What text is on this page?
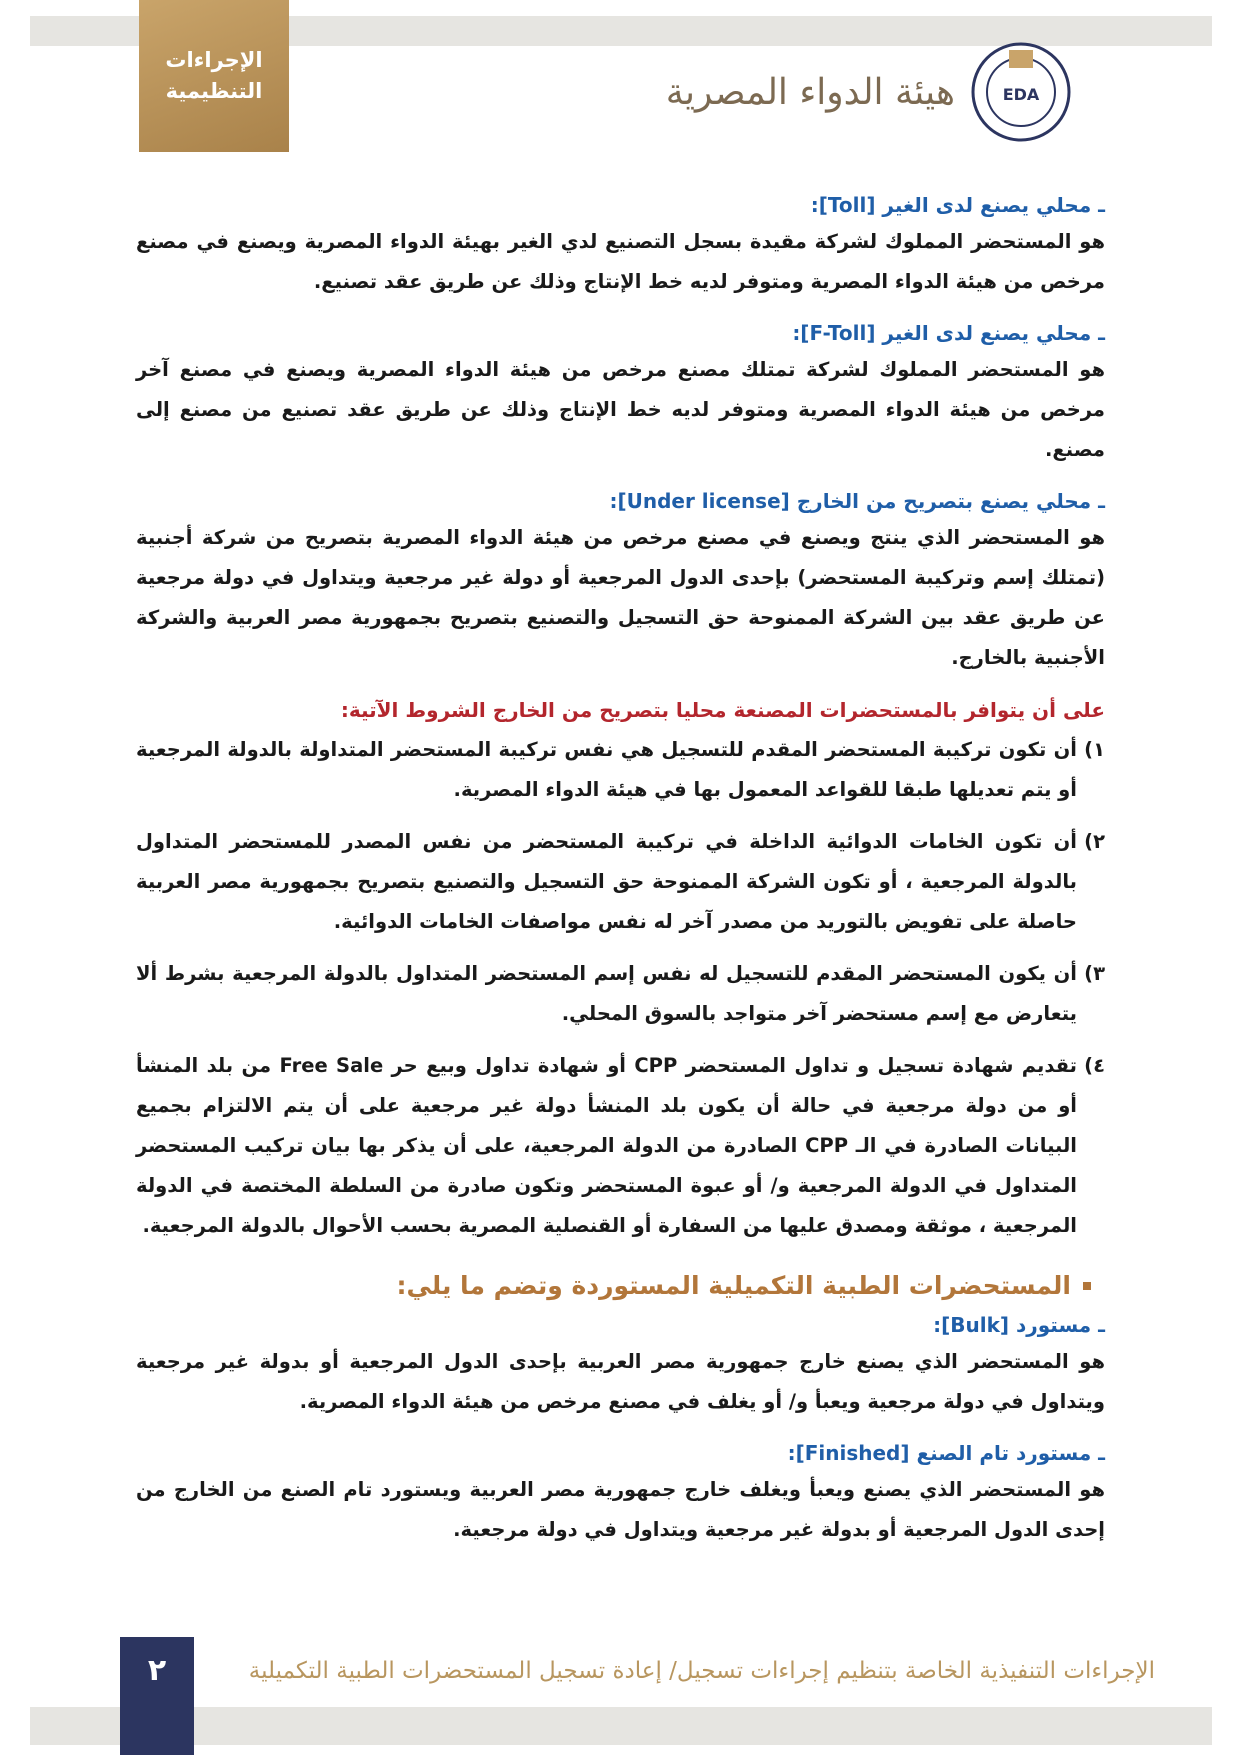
الإجراءات
التنظيمية	هيئة الدواء المصرية	EDA
ـ محلي يصنع لدى الغير [Toll]:
هو المستحضر المملوك لشركة مقيدة بسجل التصنيع لدي الغير بهيئة الدواء المصرية ويصنع في مصنع مرخص من هيئة الدواء المصرية ومتوفر لديه خط الإنتاج وذلك عن طريق عقد تصنيع.
ـ محلي يصنع لدى الغير [F-Toll]:
هو المستحضر المملوك لشركة تمتلك مصنع مرخص من هيئة الدواء المصرية ويصنع في مصنع آخر مرخص من هيئة الدواء المصرية ومتوفر لديه خط الإنتاج وذلك عن طريق عقد تصنيع من مصنع إلى مصنع.
ـ محلي يصنع بتصريح من الخارج [Under license]:
هو المستحضر الذي ينتج ويصنع في مصنع مرخص من هيئة الدواء المصرية بتصريح من شركة أجنبية (تمتلك إسم وتركيبة المستحضر) بإحدى الدول المرجعية أو دولة غير مرجعية ويتداول في دولة مرجعية عن طريق عقد بين الشركة الممنوحة حق التسجيل والتصنيع بتصريح بجمهورية مصر العربية والشركة الأجنبية بالخارج.
على أن يتوافر بالمستحضرات المصنعة محليا بتصريح من الخارج الشروط الآتية:
١)
أن تكون تركيبة المستحضر المقدم للتسجيل هي نفس تركيبة المستحضر المتداولة بالدولة المرجعية أو يتم تعديلها طبقا للقواعد المعمول بها في هيئة الدواء المصرية.
٢)
أن تكون الخامات الدوائية الداخلة في تركيبة المستحضر من نفس المصدر للمستحضر المتداول بالدولة المرجعية ، أو تكون الشركة الممنوحة حق التسجيل والتصنيع بتصريح بجمهورية مصر العربية حاصلة على تفويض بالتوريد من مصدر آخر له نفس مواصفات الخامات الدوائية.
٣)
أن يكون المستحضر المقدم للتسجيل له نفس إسم المستحضر المتداول بالدولة المرجعية بشرط ألا يتعارض مع إسم مستحضر آخر متواجد بالسوق المحلي.
٤)
تقديم شهادة تسجيل و تداول المستحضر CPP أو شهادة تداول وبيع حر Free Sale من بلد المنشأ أو من دولة مرجعية في حالة أن يكون بلد المنشأ دولة غير مرجعية على أن يتم الالتزام بجميع البيانات الصادرة في الـ CPP الصادرة من الدولة المرجعية، على أن يذكر بها بيان تركيب المستحضر المتداول في الدولة المرجعية و/ أو عبوة المستحضر وتكون صادرة من السلطة المختصة في الدولة المرجعية ، موثقة ومصدق عليها من السفارة أو القنصلية المصرية بحسب الأحوال بالدولة المرجعية.
المستحضرات الطبية التكميلية المستوردة وتضم ما يلي:
ـ مستورد [Bulk]:
هو المستحضر الذي يصنع خارج جمهورية مصر العربية بإحدى الدول المرجعية أو بدولة غير مرجعية ويتداول في دولة مرجعية ويعبأ و/ أو يغلف في مصنع مرخص من هيئة الدواء المصرية.
ـ مستورد تام الصنع [Finished]:
هو المستحضر الذي يصنع ويعبأ ويغلف خارج جمهورية مصر العربية ويستورد تام الصنع من الخارج من إحدى الدول المرجعية أو بدولة غير مرجعية ويتداول في دولة مرجعية.
الإجراءات التنفيذية الخاصة بتنظيم إجراءات تسجيل/ إعادة تسجيل المستحضرات الطبية التكميلية
٢
